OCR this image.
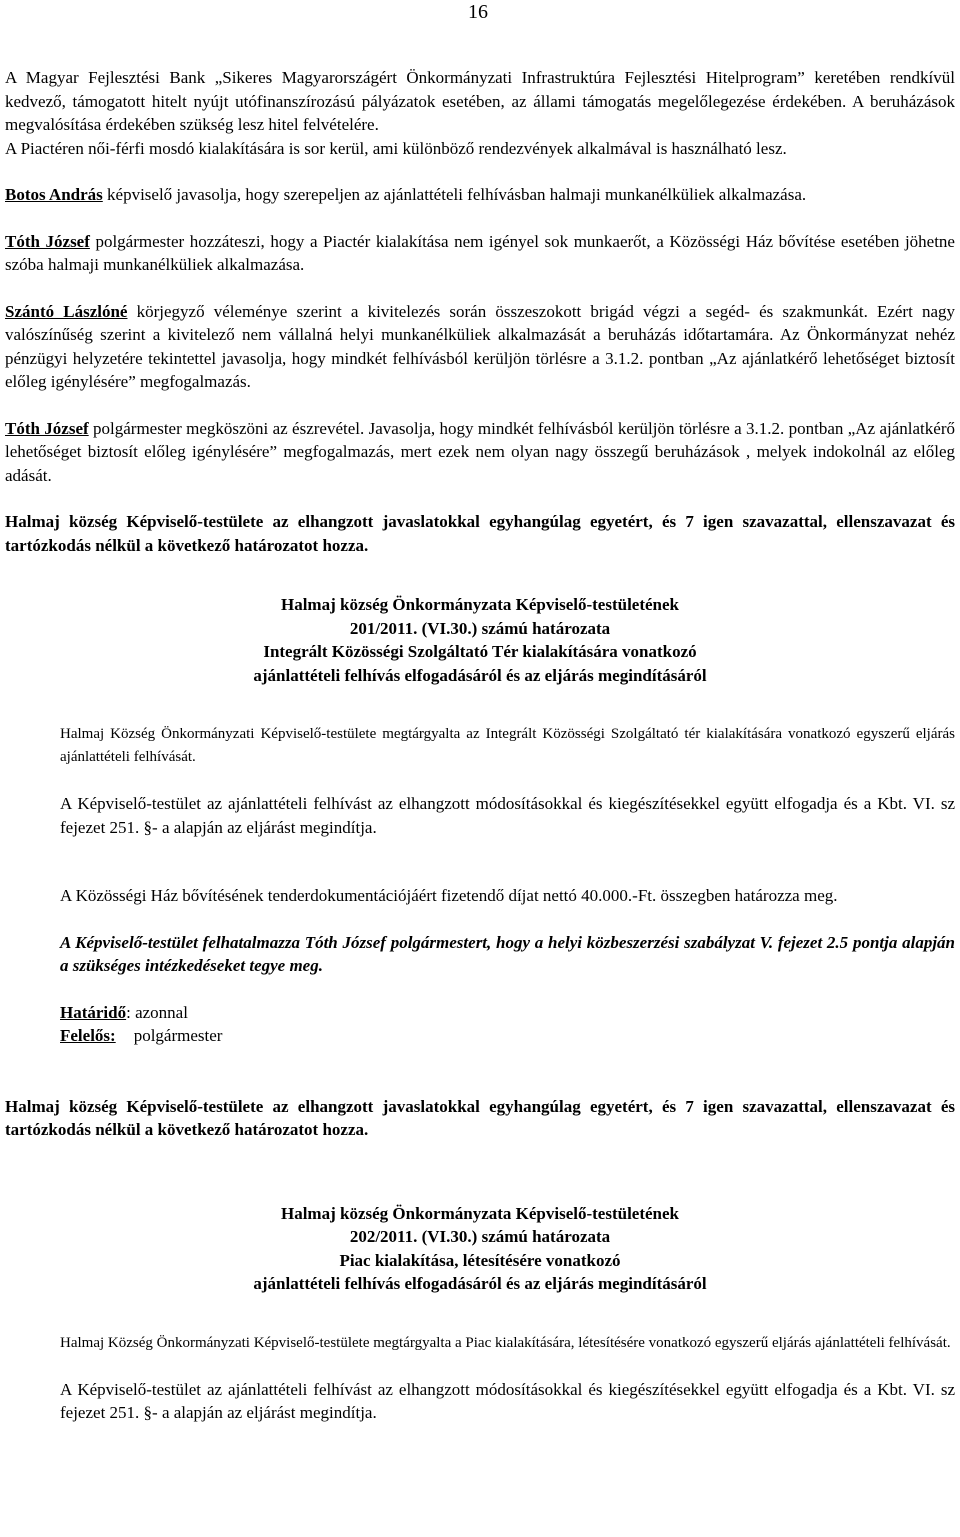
16

A Magyar Fejlesztési Bank „Sikeres Magyarországért Önkormányzati Infrastruktúra Fejlesztési Hitelprogram” keretében rendkívül kedvező, támogatott hitelt nyújt utófinanszírozású pályázatok esetében, az állami támogatás megelőlegezése érdekében. A beruházások megvalósítása érdekében szükség lesz hitel felvételére.

A Piactéren női-férfi mosdó kialakítására is sor kerül, ami különböző rendezvények alkalmával is használható lesz.

Botos András képviselő javasolja, hogy szerepeljen az ajánlattételi felhívásban halmaji munkanélküliek alkalmazása.

Tóth József polgármester hozzáteszi, hogy a Piactér kialakítása nem igényel sok munkaerőt, a Közösségi Ház bővítése esetében jöhetne szóba halmaji munkanélküliek alkalmazása.

Szántó Lászlóné körjegyző véleménye szerint a kivitelezés során összeszokott brigád végzi a segéd- és szakmunkát. Ezért nagy valószínűség szerint a kivitelező nem vállalná helyi munkanélküliek alkalmazását a beruházás időtartamára. Az Önkormányzat nehéz pénzügyi helyzetére tekintettel javasolja, hogy mindkét felhívásból kerüljön törlésre a 3.1.2. pontban „Az ajánlatkérő lehetőséget biztosít előleg igénylésére” megfogalmazás.

Tóth József polgármester megköszöni az észrevétel. Javasolja, hogy mindkét felhívásból kerüljön törlésre a 3.1.2. pontban „Az ajánlatkérő lehetőséget biztosít előleg igénylésére” megfogalmazás, mert ezek nem olyan nagy összegű beruházások , melyek indokolnál az előleg adását.

Halmaj község Képviselő-testülete az elhangzott javaslatokkal egyhangúlag egyetért, és 7 igen szavazattal, ellenszavazat és tartózkodás nélkül a következő határozatot hozza.

Halmaj község Önkormányzata Képviselő-testületének
201/2011. (VI.30.) számú határozata
Integrált Közösségi Szolgáltató Tér kialakítására vonatkozó
ajánlattételi felhívás elfogadásáról és az eljárás megindításáról

Halmaj Község Önkormányzati Képviselő-testülete megtárgyalta az Integrált Közösségi Szolgáltató tér kialakítására vonatkozó egyszerű eljárás ajánlattételi felhívását.

A Képviselő-testület az ajánlattételi felhívást az elhangzott módosításokkal és kiegészítésekkel együtt elfogadja és a Kbt. VI. sz fejezet 251. §- a alapján az eljárást megindítja.

A Közösségi Ház bővítésének tenderdokumentációjáért fizetendő díjat nettó 40.000.-Ft. összegben határozza meg.

A Képviselő-testület felhatalmazza Tóth József polgármestert, hogy a helyi közbeszerzési szabályzat V. fejezet 2.5 pontja alapján a szükséges intézkedéseket tegye meg.

Határidő: azonnal

Felelős: polgármester

Halmaj község Képviselő-testülete az elhangzott javaslatokkal egyhangúlag egyetért, és 7 igen szavazattal, ellenszavazat és tartózkodás nélkül a következő határozatot hozza.

Halmaj község Önkormányzata Képviselő-testületének
202/2011. (VI.30.) számú határozata
Piac kialakítása, létesítésére vonatkozó
ajánlattételi felhívás elfogadásáról és az eljárás megindításáról

Halmaj Község Önkormányzati Képviselő-testülete megtárgyalta a Piac kialakítására, létesítésére vonatkozó egyszerű eljárás ajánlattételi felhívását.

A Képviselő-testület az ajánlattételi felhívást az elhangzott módosításokkal és kiegészítésekkel együtt elfogadja és a Kbt. VI. sz fejezet 251. §- a alapján az eljárást megindítja.
